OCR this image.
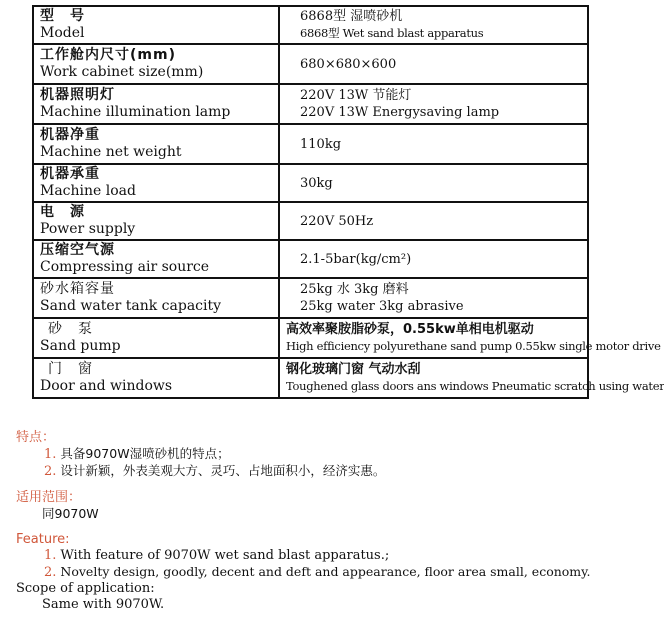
型　号
Model	6868型 湿喷砂机
6868型 Wet sand blast apparatus

工作舱内尺寸(mm)
Work cabinet size(mm)	680×680×600

机器照明灯
Machine illumination lamp	220V 13W 节能灯
220V 13W Energysaving lamp

机器净重
Machine net weight	110kg

机器承重
Machine load	30kg

电　源
Power supply	220V 50Hz

压缩空气源
Compressing air source	2.1-5bar(kg/cm²)

砂水箱容量
Sand water tank capacity	25kg 水 3kg 磨料
25kg water 3kg abrasive

砂　泵
Sand pump	高效率聚胺脂砂泵，0.55kw单相电机驱动
High efficiency polyurethane sand pump 0.55kw single motor drive

门　窗
Door and windows	钢化玻璃门窗 气动水刮
Toughened glass doors ans windows Pneumatic scratch using water
特点：
1. 具备9070W湿喷砂机的特点；
2. 设计新颖，外表美观大方、灵巧、占地面积小，经济实惠。
适用范围：
同9070W
Feature:
1. With feature of 9070W wet sand blast apparatus.;
2. Novelty design, goodly, decent and deft and appearance, floor area small, economy.
Scope of application:
Same with 9070W.
